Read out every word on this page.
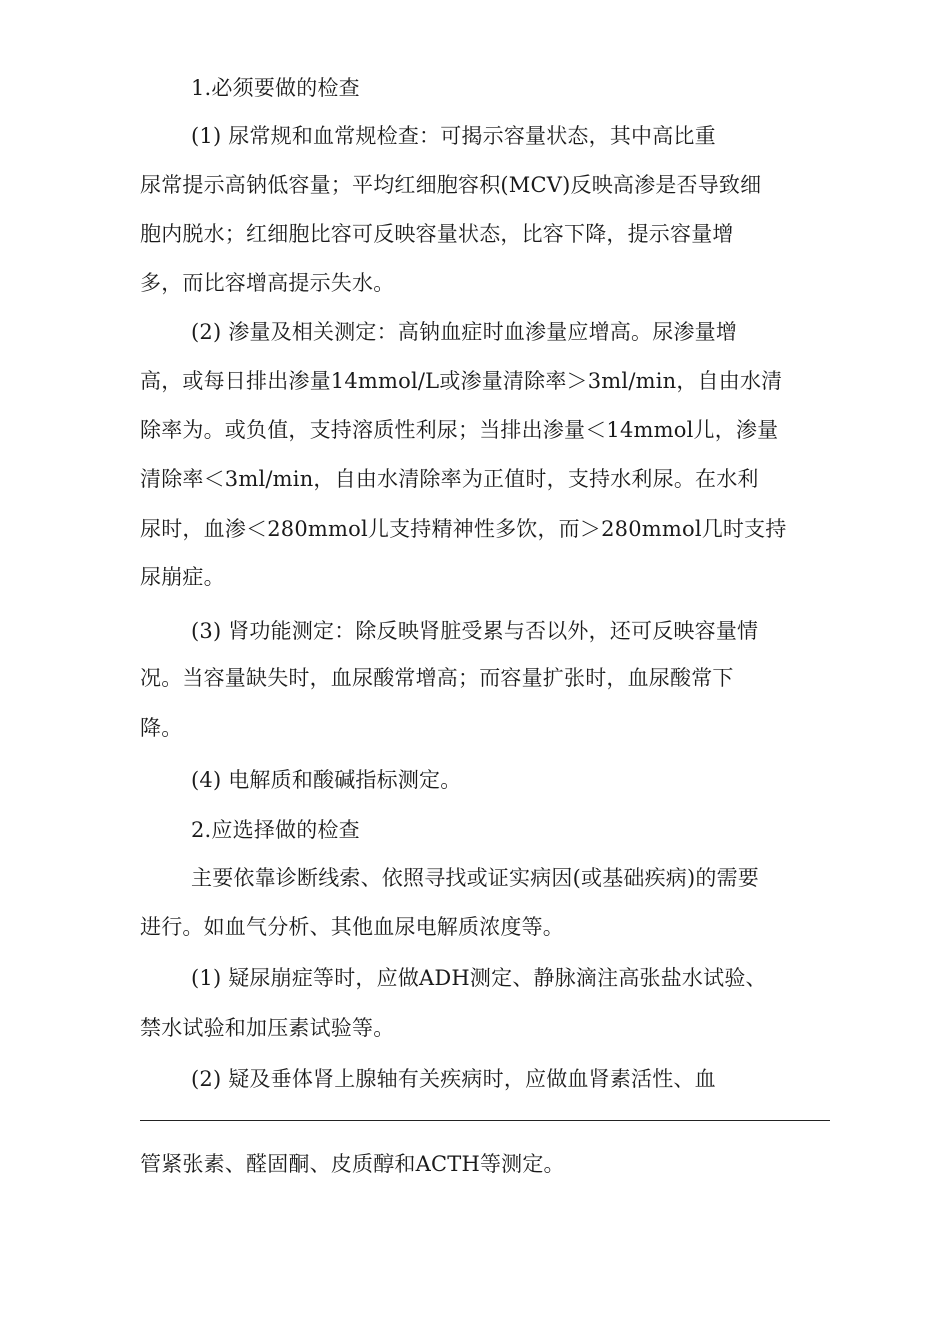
1.必须要做的检查
(1) 尿常规和血常规检查：可揭示容量状态，其中高比重
尿常提示高钠低容量；平均红细胞容积(MCV)反映高渗是否导致细
胞内脱水；红细胞比容可反映容量状态，比容下降，提示容量增
多，而比容增高提示失水。
(2) 渗量及相关测定：高钠血症时血渗量应增高。尿渗量增
高，或每日排出渗量14mmol/L或渗量清除率＞3ml/min，自由水清
除率为。或负值，支持溶质性利尿；当排出渗量＜14mmol儿，渗量
清除率＜3ml/min，自由水清除率为正值时，支持水利尿。在水利
尿时，血渗＜280mmol儿支持精神性多饮，而＞280mmol几时支持
尿崩症。
(3) 肾功能测定：除反映肾脏受累与否以外，还可反映容量情
况。当容量缺失时，血尿酸常增高；而容量扩张时，血尿酸常下
降。
(4) 电解质和酸碱指标测定。
2.应选择做的检查
主要依靠诊断线索、依照寻找或证实病因(或基础疾病)的需要
进行。如血气分析、其他血尿电解质浓度等。
(1) 疑尿崩症等时，应做ADH测定、静脉滴注高张盐水试验、
禁水试验和加压素试验等。
(2) 疑及垂体肾上腺轴有关疾病时，应做血肾素活性、血
管紧张素、醛固酮、皮质醇和ACTH等测定。
